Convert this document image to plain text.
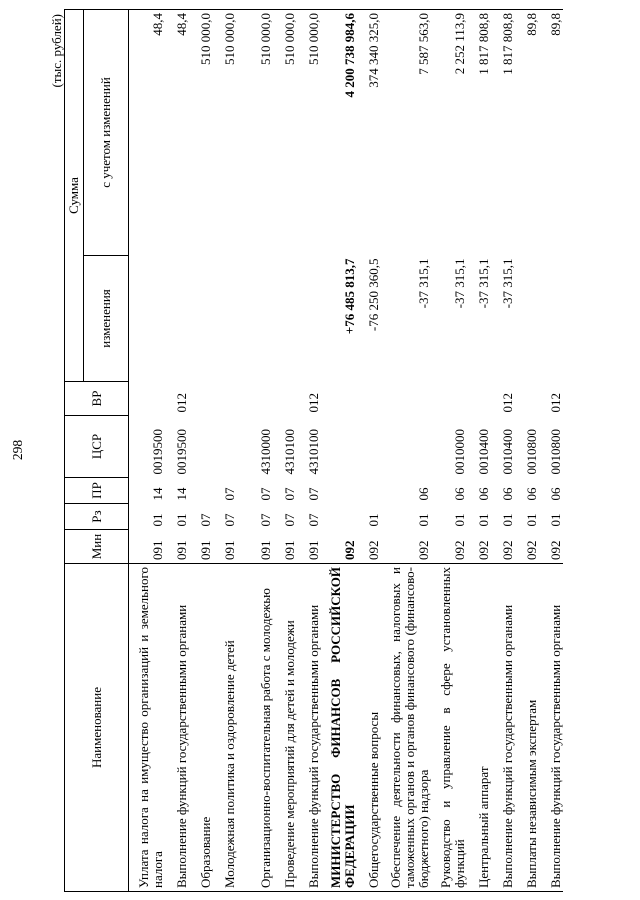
298
(тыс. рублей)
Наименование	Мин	Рз	ПР	ЦСР	ВР	Сумма	
						изменения	с учетом изменений
Уплата налога на имущество организаций и земельного налога	091	01	14	0019500			48,4
Выполнение функций государственными органами	091	01	14	0019500	012		48,4
Образование	091	07					510 000,0
Молодежная политика и оздоровление детей	091	07	07				510 000,0
Организационно-воспитательная работа с молодежью	091	07	07	4310000			510 000,0
Проведение мероприятий для детей и молодежи	091	07	07	4310100			510 000,0
Выполнение функций государственными органами	091	07	07	4310100	012		510 000,0
МИНИСТЕРСТВО ФИНАНСОВ РОССИЙСКОЙ ФЕДЕРАЦИИ	092					+76 485 813,7	4 200 738 984,6
Общегосударственные вопросы	092	01				-76 250 360,5	374 340 325,0
Обеспечение деятельности финансовых, налоговых и таможенных органов и органов финансового (финансово-бюджетного) надзора	092	01	06			-37 315,1	7 587 563,0
Руководство и управление в сфере установленных функций	092	01	06	0010000		-37 315,1	2 252 113,9
Центральный аппарат	092	01	06	0010400		-37 315,1	1 817 808,8
Выполнение функций государственными органами	092	01	06	0010400	012	-37 315,1	1 817 808,8
Выплаты независимым экспертам	092	01	06	0010800			89,8
Выполнение функций государственными органами	092	01	06	0010800	012		89,8
